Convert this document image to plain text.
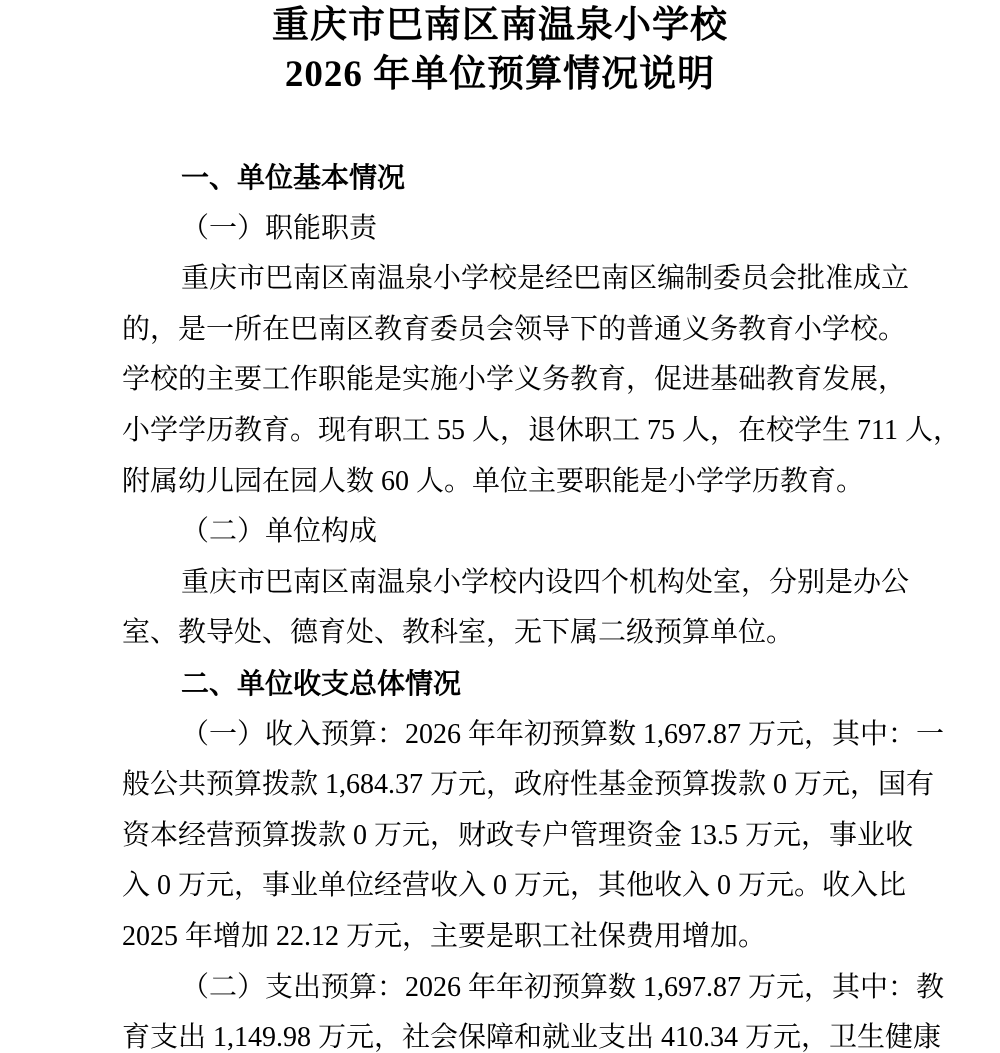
重庆市巴南区南温泉小学校
2026 年单位预算情况说明
一、单位基本情况
（一）职能职责
重庆市巴南区南温泉小学校是经巴南区编制委员会批准成立
的，是一所在巴南区教育委员会领导下的普通义务教育小学校。
学校的主要工作职能是实施小学义务教育，促进基础教育发展，
小学学历教育。现有职工 55 人，退休职工 75 人，在校学生 711 人，
附属幼儿园在园人数 60 人。单位主要职能是小学学历教育。
（二）单位构成
重庆市巴南区南温泉小学校内设四个机构处室，分别是办公
室、教导处、德育处、教科室，无下属二级预算单位。
二、单位收支总体情况
（一）收入预算：2026 年年初预算数 1,697.87 万元，其中：一
般公共预算拨款 1,684.37 万元，政府性基金预算拨款 0 万元，国有
资本经营预算拨款 0 万元，财政专户管理资金 13.5 万元，事业收
入 0 万元，事业单位经营收入 0 万元，其他收入 0 万元。收入比
2025 年增加 22.12 万元，主要是职工社保费用增加。
（二）支出预算：2026 年年初预算数 1,697.87 万元，其中：教
育支出 1,149.98 万元，社会保障和就业支出 410.34 万元，卫生健康
